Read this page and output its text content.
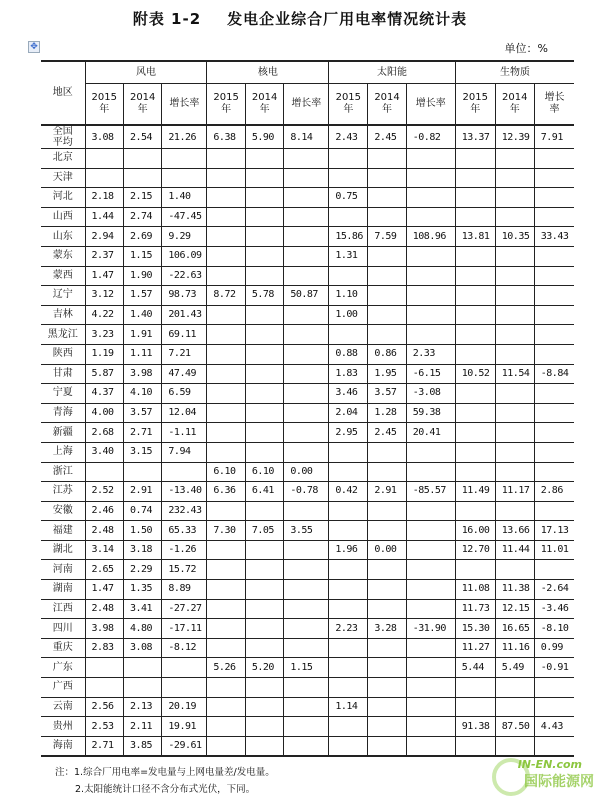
附表 1-2 发电企业综合厂用电率情况统计表
✥	单位：%
地区	风电			核电			太阳能			生物质		
	2015年	2014年	增长率	2015年	2014年	增长率	2015年	2014年	增长率	2015年	2014年	增长率
全国平均	3.08	2.54	21.26	6.38	5.90	8.14	2.43	2.45	-0.82	13.37	12.39	7.91
北京												
天津												
河北	2.18	2.15	1.40				0.75					
山西	1.44	2.74	-47.45									
山东	2.94	2.69	9.29				15.86	7.59	108.96	13.81	10.35	33.43
蒙东	2.37	1.15	106.09				1.31					
蒙西	1.47	1.90	-22.63									
辽宁	3.12	1.57	98.73	8.72	5.78	50.87	1.10					
吉林	4.22	1.40	201.43				1.00					
黑龙江	3.23	1.91	69.11									
陕西	1.19	1.11	7.21				0.88	0.86	2.33			
甘肃	5.87	3.98	47.49				1.83	1.95	-6.15	10.52	11.54	-8.84
宁夏	4.37	4.10	6.59				3.46	3.57	-3.08			
青海	4.00	3.57	12.04				2.04	1.28	59.38			
新疆	2.68	2.71	-1.11				2.95	2.45	20.41			
上海	3.40	3.15	7.94									
浙江				6.10	6.10	0.00						
江苏	2.52	2.91	-13.40	6.36	6.41	-0.78	0.42	2.91	-85.57	11.49	11.17	2.86
安徽	2.46	0.74	232.43									
福建	2.48	1.50	65.33	7.30	7.05	3.55				16.00	13.66	17.13
湖北	3.14	3.18	-1.26				1.96	0.00		12.70	11.44	11.01
河南	2.65	2.29	15.72									
湖南	1.47	1.35	8.89							11.08	11.38	-2.64
江西	2.48	3.41	-27.27							11.73	12.15	-3.46
四川	3.98	4.80	-17.11				2.23	3.28	-31.90	15.30	16.65	-8.10
重庆	2.83	3.08	-8.12							11.27	11.16	0.99
广东				5.26	5.20	1.15				5.44	5.49	-0.91
广西												
云南	2.56	2.13	20.19				1.14					
贵州	2.53	2.11	19.91							91.38	87.50	4.43
海南	2.71	3.85	-29.61									
注：1.综合厂用电率=发电量与上网电量差/发电量。
2.太阳能统计口径不含分布式光伏，下同。
IN-EN.com
国际能源网
